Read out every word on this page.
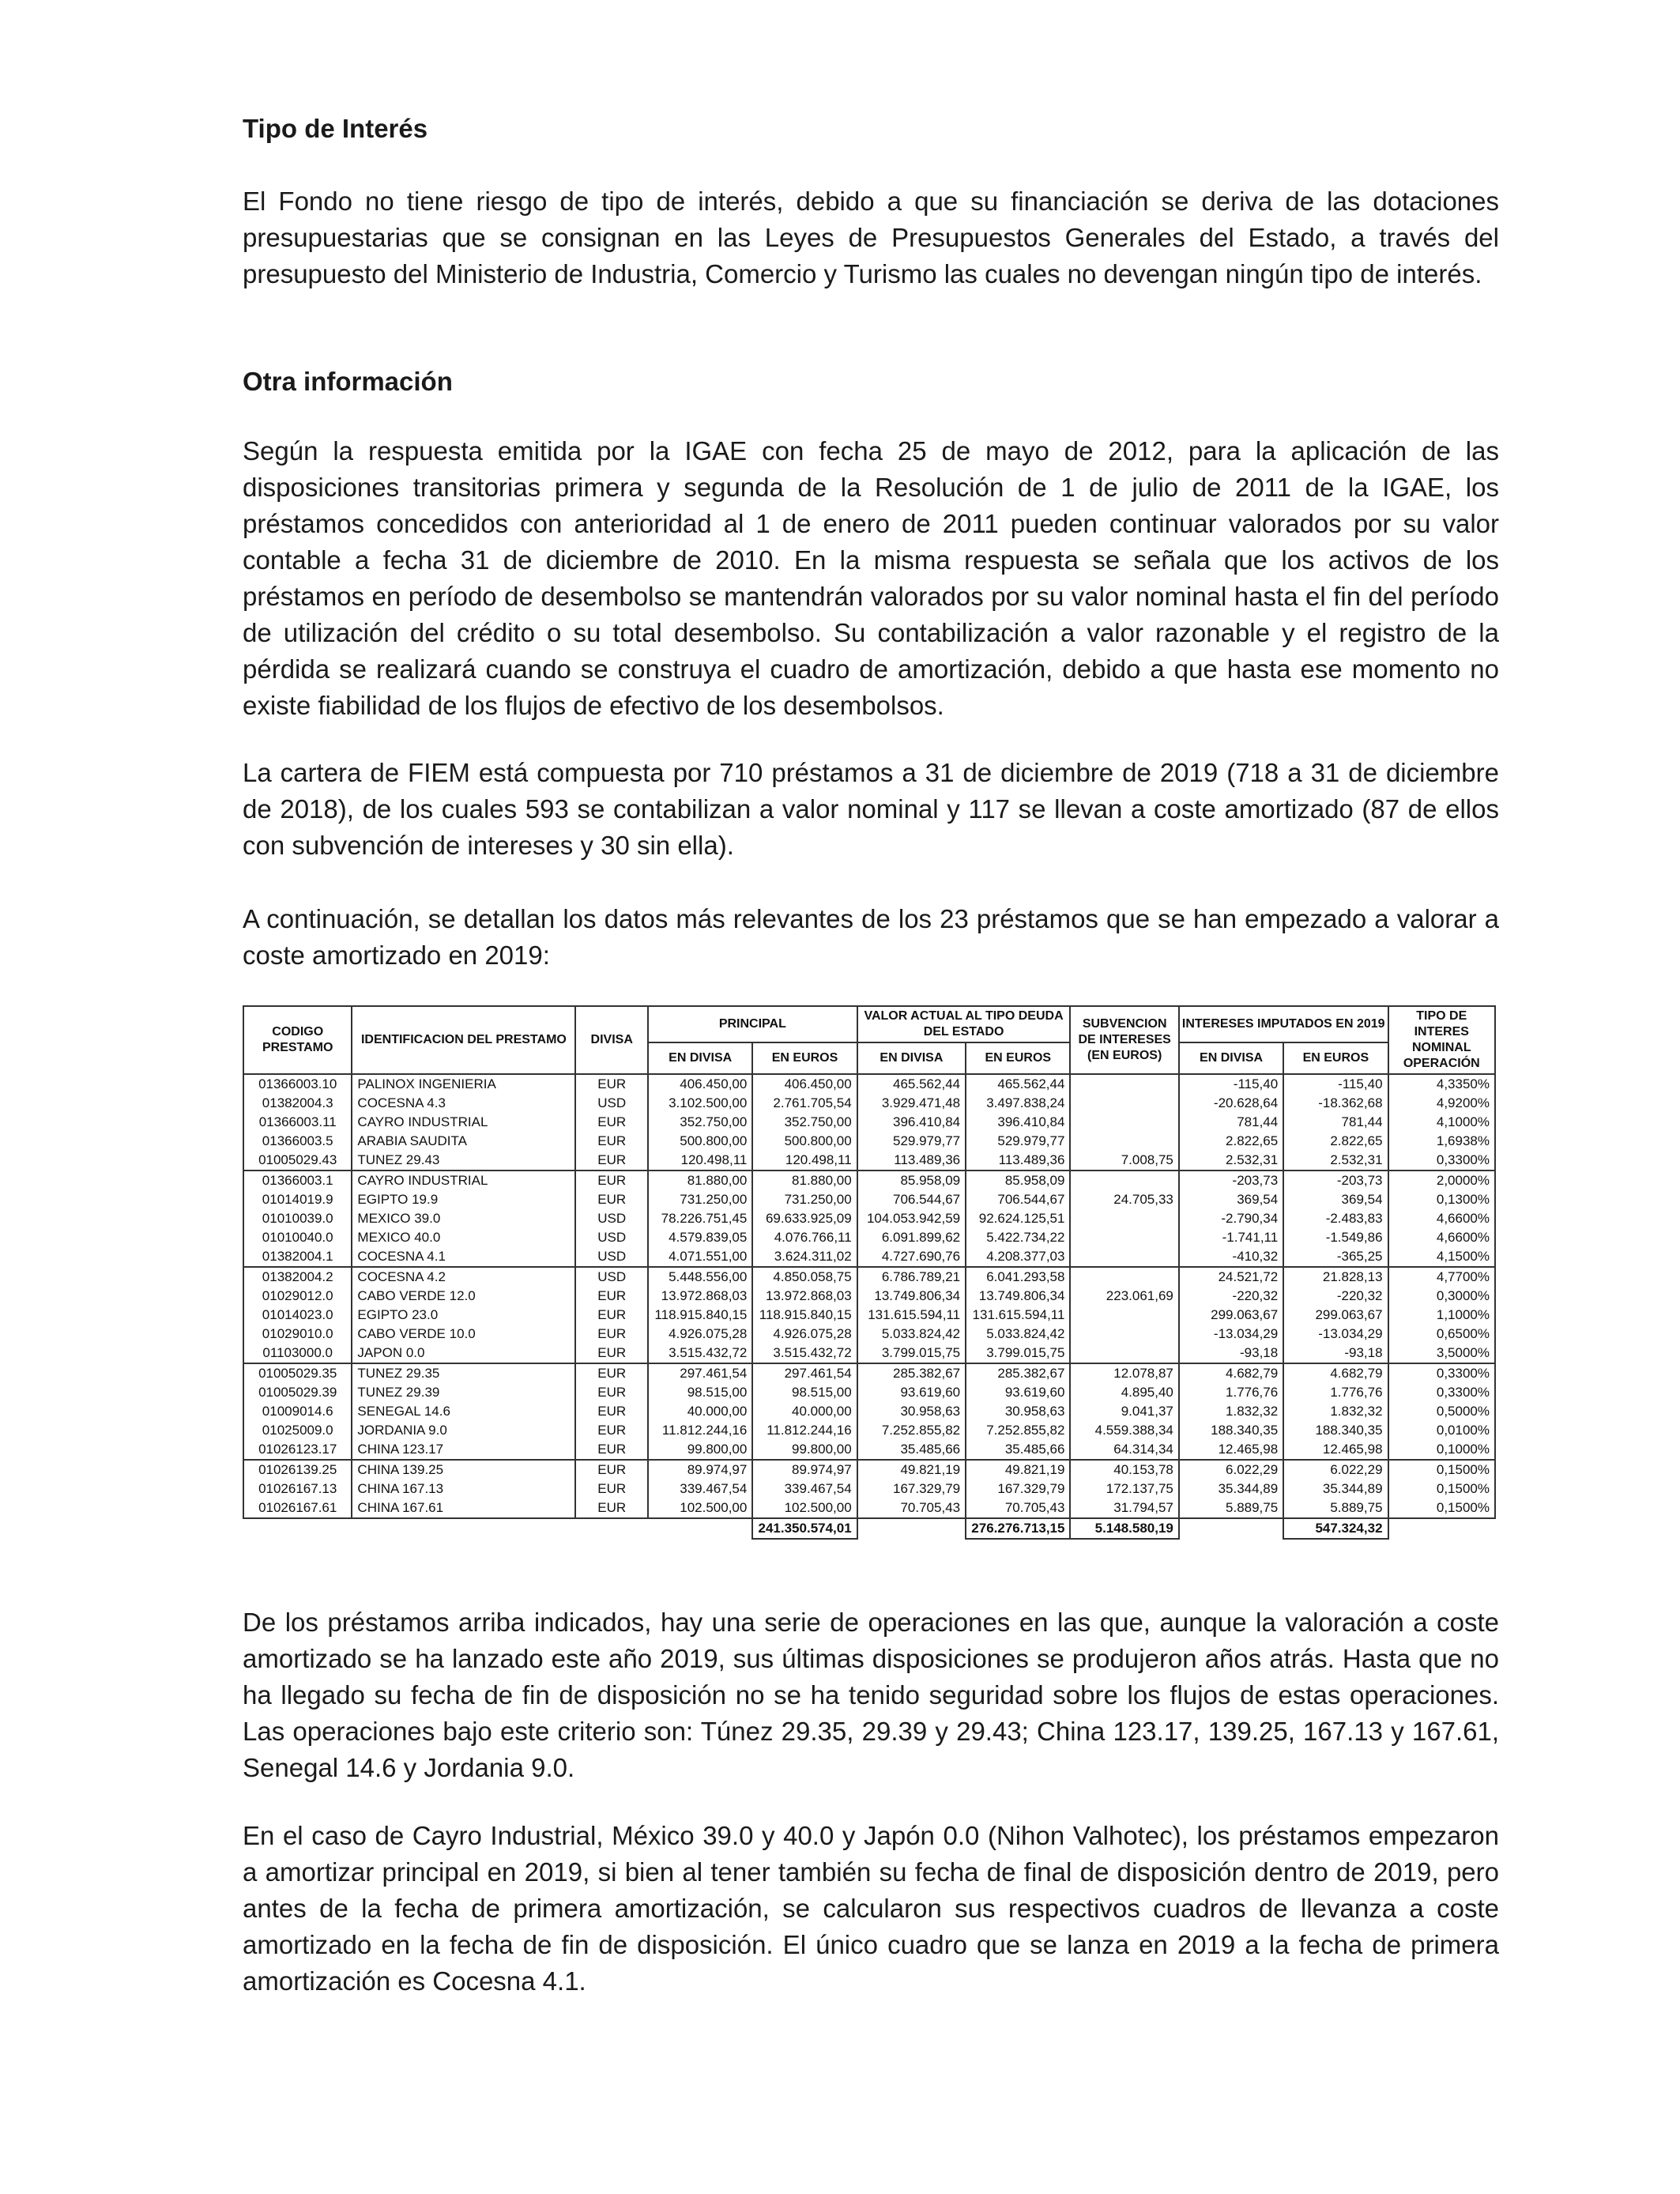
Tipo de Interés

El Fondo no tiene riesgo de tipo de interés, debido a que su financiación se deriva de las dotaciones presupuestarias que se consignan en las Leyes de Presupuestos Generales del Estado, a través del presupuesto del Ministerio de Industria, Comercio y Turismo las cuales no devengan ningún tipo de interés.

Otra información

Según la respuesta emitida por la IGAE con fecha 25 de mayo de 2012, para la aplicación de las disposiciones transitorias primera y segunda de la Resolución de 1 de julio de 2011 de la IGAE, los préstamos concedidos con anterioridad al 1 de enero de 2011 pueden continuar valorados por su valor contable a fecha 31 de diciembre de 2010. En la misma respuesta se señala que los activos de los préstamos en período de desembolso se mantendrán valorados por su valor nominal hasta el fin del período de utilización del crédito o su total desembolso. Su contabilización a valor razonable y el registro de la pérdida se realizará cuando se construya el cuadro de amortización, debido a que hasta ese momento no existe fiabilidad de los flujos de efectivo de los desembolsos.

La cartera de FIEM está compuesta por 710 préstamos a 31 de diciembre de 2019 (718 a 31 de diciembre de 2018), de los cuales 593 se contabilizan a valor nominal y 117 se llevan a coste amortizado (87 de ellos con subvención de intereses y 30 sin ella).

A continuación, se detallan los datos más relevantes de los 23 préstamos que se han empezado a valorar a coste amortizado en 2019:

CODIGO PRESTAMO	IDENTIFICACION DEL PRESTAMO	DIVISA	PRINCIPAL		VALOR ACTUAL AL TIPO DEUDA DEL ESTADO		SUBVENCION DE INTERESES (EN EUROS)	INTERESES IMPUTADOS EN 2019		TIPO DE INTERES NOMINAL OPERACIÓN
			EN DIVISA	EN EUROS	EN DIVISA	EN EUROS		EN DIVISA	EN EUROS	
01366003.10	PALINOX INGENIERIA	EUR	406.450,00	406.450,00	465.562,44	465.562,44		-115,40	-115,40	4,3350%
01382004.3	COCESNA 4.3	USD	3.102.500,00	2.761.705,54	3.929.471,48	3.497.838,24		-20.628,64	-18.362,68	4,9200%
01366003.11	CAYRO INDUSTRIAL	EUR	352.750,00	352.750,00	396.410,84	396.410,84		781,44	781,44	4,1000%
01366003.5	ARABIA SAUDITA	EUR	500.800,00	500.800,00	529.979,77	529.979,77		2.822,65	2.822,65	1,6938%
01005029.43	TUNEZ 29.43	EUR	120.498,11	120.498,11	113.489,36	113.489,36	7.008,75	2.532,31	2.532,31	0,3300%
01366003.1	CAYRO INDUSTRIAL	EUR	81.880,00	81.880,00	85.958,09	85.958,09		-203,73	-203,73	2,0000%
01014019.9	EGIPTO 19.9	EUR	731.250,00	731.250,00	706.544,67	706.544,67	24.705,33	369,54	369,54	0,1300%
01010039.0	MEXICO 39.0	USD	78.226.751,45	69.633.925,09	104.053.942,59	92.624.125,51		-2.790,34	-2.483,83	4,6600%
01010040.0	MEXICO 40.0	USD	4.579.839,05	4.076.766,11	6.091.899,62	5.422.734,22		-1.741,11	-1.549,86	4,6600%
01382004.1	COCESNA 4.1	USD	4.071.551,00	3.624.311,02	4.727.690,76	4.208.377,03		-410,32	-365,25	4,1500%
01382004.2	COCESNA 4.2	USD	5.448.556,00	4.850.058,75	6.786.789,21	6.041.293,58		24.521,72	21.828,13	4,7700%
01029012.0	CABO VERDE 12.0	EUR	13.972.868,03	13.972.868,03	13.749.806,34	13.749.806,34	223.061,69	-220,32	-220,32	0,3000%
01014023.0	EGIPTO 23.0	EUR	118.915.840,15	118.915.840,15	131.615.594,11	131.615.594,11		299.063,67	299.063,67	1,1000%
01029010.0	CABO VERDE 10.0	EUR	4.926.075,28	4.926.075,28	5.033.824,42	5.033.824,42		-13.034,29	-13.034,29	0,6500%
01103000.0	JAPON 0.0	EUR	3.515.432,72	3.515.432,72	3.799.015,75	3.799.015,75		-93,18	-93,18	3,5000%
01005029.35	TUNEZ 29.35	EUR	297.461,54	297.461,54	285.382,67	285.382,67	12.078,87	4.682,79	4.682,79	0,3300%
01005029.39	TUNEZ 29.39	EUR	98.515,00	98.515,00	93.619,60	93.619,60	4.895,40	1.776,76	1.776,76	0,3300%
01009014.6	SENEGAL 14.6	EUR	40.000,00	40.000,00	30.958,63	30.958,63	9.041,37	1.832,32	1.832,32	0,5000%
01025009.0	JORDANIA 9.0	EUR	11.812.244,16	11.812.244,16	7.252.855,82	7.252.855,82	4.559.388,34	188.340,35	188.340,35	0,0100%
01026123.17	CHINA 123.17	EUR	99.800,00	99.800,00	35.485,66	35.485,66	64.314,34	12.465,98	12.465,98	0,1000%
01026139.25	CHINA 139.25	EUR	89.974,97	89.974,97	49.821,19	49.821,19	40.153,78	6.022,29	6.022,29	0,1500%
01026167.13	CHINA 167.13	EUR	339.467,54	339.467,54	167.329,79	167.329,79	172.137,75	35.344,89	35.344,89	0,1500%
01026167.61	CHINA 167.61	EUR	102.500,00	102.500,00	70.705,43	70.705,43	31.794,57	5.889,75	5.889,75	0,1500%
				241.350.574,01		276.276.713,15	5.148.580,19		547.324,32	

De los préstamos arriba indicados, hay una serie de operaciones en las que, aunque la valoración a coste amortizado se ha lanzado este año 2019, sus últimas disposiciones se produjeron años atrás. Hasta que no ha llegado su fecha de fin de disposición no se ha tenido seguridad sobre los flujos de estas operaciones. Las operaciones bajo este criterio son: Túnez 29.35, 29.39 y 29.43; China 123.17, 139.25, 167.13 y 167.61, Senegal 14.6 y Jordania 9.0.

En el caso de Cayro Industrial, México 39.0 y 40.0 y Japón 0.0 (Nihon Valhotec), los préstamos empezaron a amortizar principal en 2019, si bien al tener también su fecha de final de disposición dentro de 2019, pero antes de la fecha de primera amortización, se calcularon sus respectivos cuadros de llevanza a coste amortizado en la fecha de fin de disposición. El único cuadro que se lanza en 2019 a la fecha de primera amortización es Cocesna 4.1.
